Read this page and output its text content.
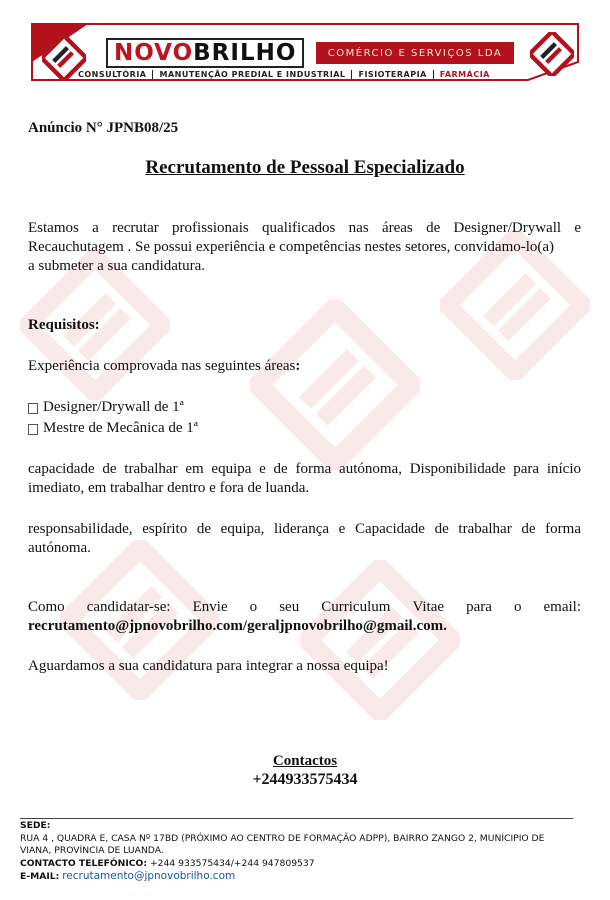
NOVO BRILHO	COMÉRCIO E SERVIÇOS LDA
CONSULTÓRIA	MANUTENÇÃO PREDIAL E INDUSTRIAL	FISIOTERAPIA	FARMÁCIA
Anúncio N° JPNB08/25
Recrutamento de Pessoal Especializado
Estamos a recrutar profissionais qualificados nas áreas de Designer/Drywall e
Recauchutagem . Se possui experiência e competências nestes setores, convidamo-lo(a)
a submeter a sua candidatura.
Requisitos:
Experiência comprovada nas seguintes áreas:
Designer/Drywall de 1ª
Mestre de Mecânica de 1ª
capacidade de trabalhar em equipa e de forma autónoma, Disponibilidade para início
imediato, em trabalhar dentro e fora de luanda.
responsabilidade, espírito de equipa, liderança e Capacidade de trabalhar de forma
autónoma.
Como candidatar-se: Envie o seu Curriculum Vitae para o email:
recrutamento@jpnovobrilho.com/geraljpnovobrilho@gmail.com.
Aguardamos a sua candidatura para integrar a nossa equipa!
Contactos
+244933575434
SEDE:
RUA 4 , QUADRA E, CASA Nº 17BD (PRÓXIMO AO CENTRO DE FORMAÇÃO ADPP), BAIRRO ZANGO 2, MUNÍCIPIO DE
VIANA, PROVÍNCIA DE LUANDA.
CONTACTO TELEFÓNICO: +244 933575434/+244 947809537
E-MAIL: recrutamento@jpnovobrilho.com
